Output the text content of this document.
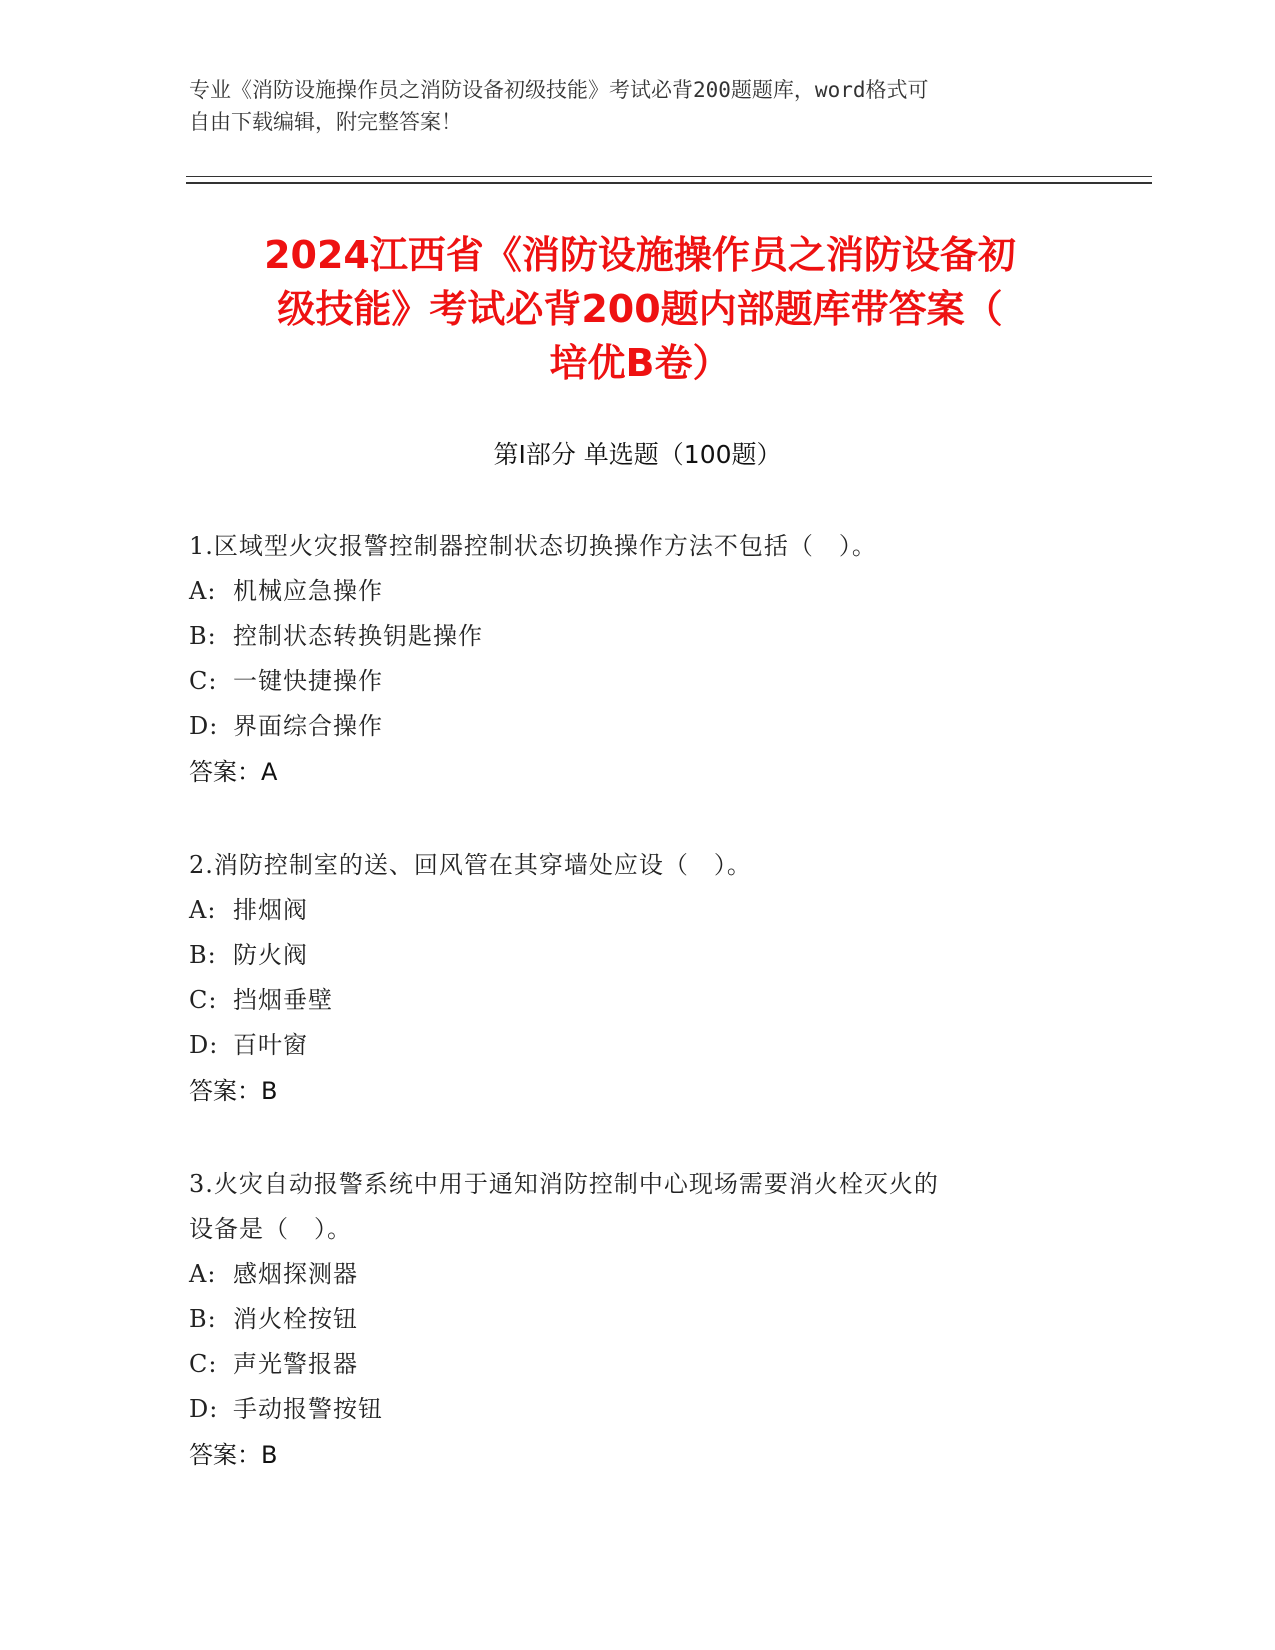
专业《消防设施操作员之消防设备初级技能》考试必背200题题库，word格式可
自由下载编辑，附完整答案！
2024江西省《消防设施操作员之消防设备初
级技能》考试必背200题内部题库带答案（
培优B卷）
第I部分 单选题（100题）
1.区域型火灾报警控制器控制状态切换操作方法不包括（　）。
A: 机械应急操作
B: 控制状态转换钥匙操作
C: 一键快捷操作
D: 界面综合操作
答案：A
2.消防控制室的送、回风管在其穿墙处应设（　）。
A: 排烟阀
B: 防火阀
C: 挡烟垂壁
D: 百叶窗
答案：B
3.火灾自动报警系统中用于通知消防控制中心现场需要消火栓灭火的
设备是（　）。
A: 感烟探测器
B: 消火栓按钮
C: 声光警报器
D: 手动报警按钮
答案：B
